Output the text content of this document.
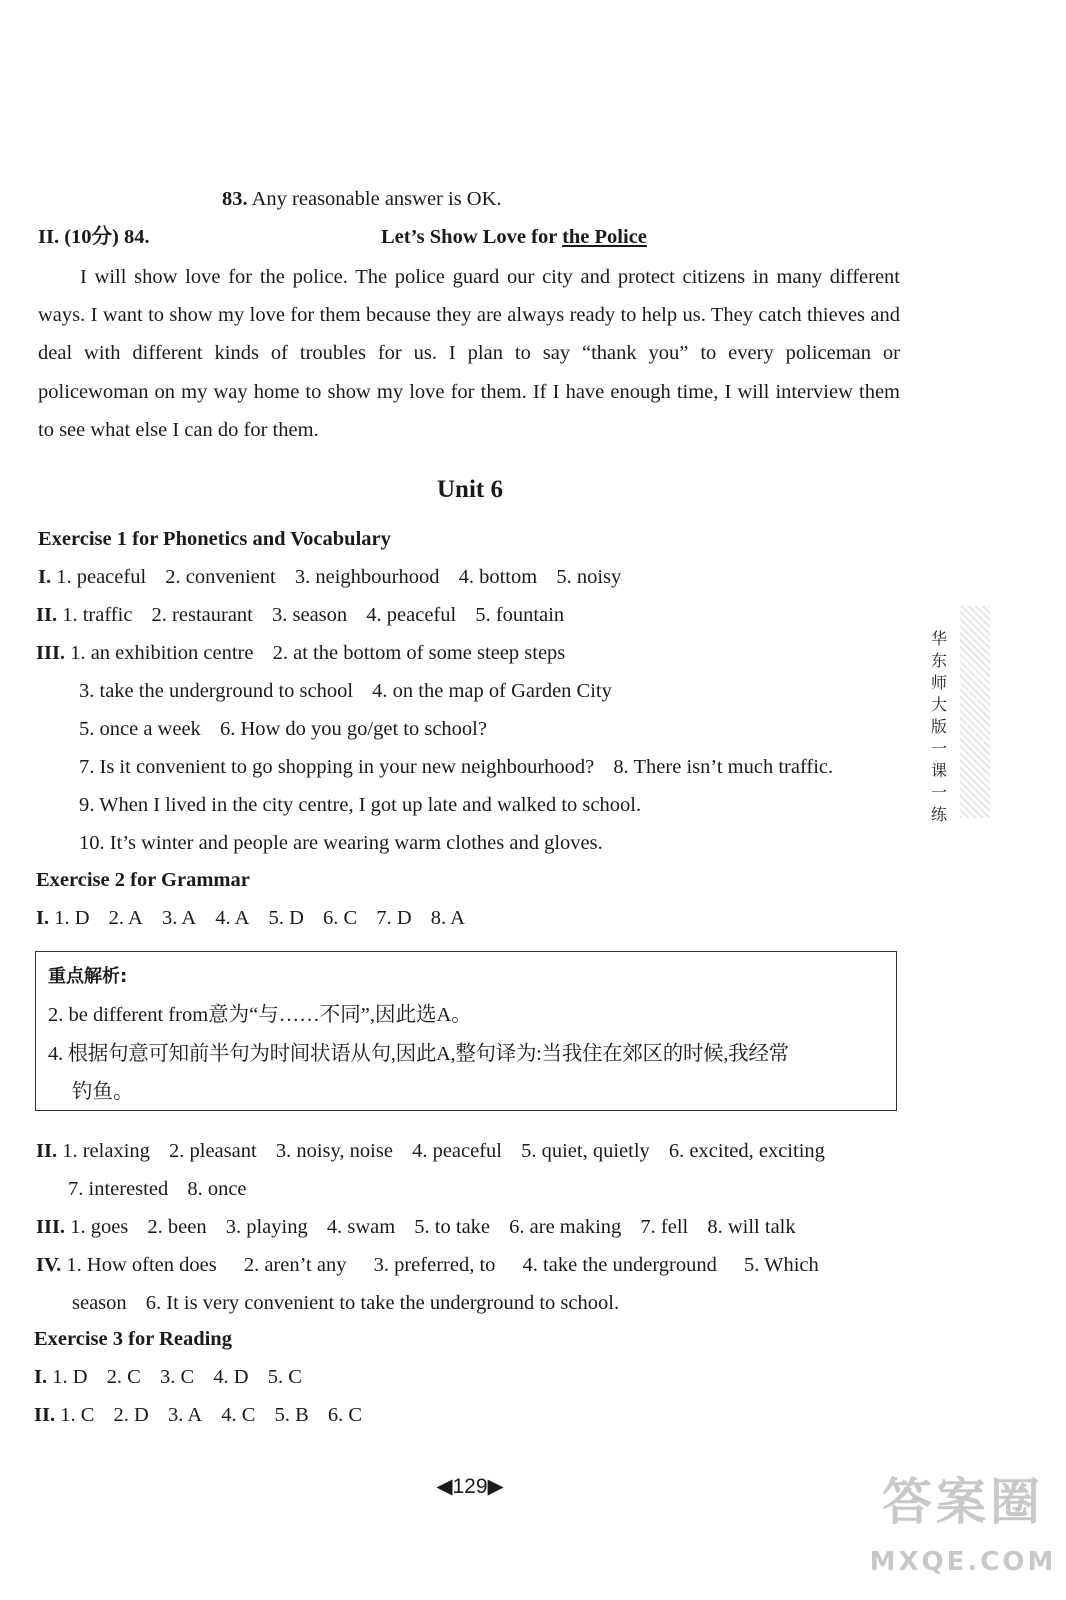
83. Any reasonable answer is OK.
II. (10分) 84.	Let’s Show Love for the Police
I will show love for the police. The police guard our city and protect citizens in many different ways. I want to show my love for them because they are always ready to help us. They catch thieves and deal with different kinds of troubles for us. I plan to say “thank you” to every policeman or policewoman on my way home to show my love for them. If I have enough time, I will interview them to see what else I can do for them.
Unit 6
Exercise 1 for Phonetics and Vocabulary
I. 1. peaceful 2. convenient 3. neighbourhood 4. bottom 5. noisy
II. 1. traffic 2. restaurant 3. season 4. peaceful 5. fountain
III. 1. an exhibition centre 2. at the bottom of some steep steps
3. take the underground to school 4. on the map of Garden City
5. once a week 6. How do you go/get to school?
7. Is it convenient to go shopping in your new neighbourhood? 8. There isn’t much traffic.
9. When I lived in the city centre, I got up late and walked to school.
10. It’s winter and people are wearing warm clothes and gloves.
Exercise 2 for Grammar
I. 1. D 2. A 3. A 4. A 5. D 6. C 7. D 8. A
重点解析:
2. be different from意为“与……不同”,因此选A。
4. 根据句意可知前半句为时间状语从句,因此A,整句译为:当我住在郊区的时候,我经常
钓鱼。
II. 1. relaxing 2. pleasant 3. noisy, noise 4. peaceful 5. quiet, quietly 6. excited, exciting
7. interested 8. once
III. 1. goes 2. been 3. playing 4. swam 5. to take 6. are making 7. fell 8. will talk
IV. 1. How often does 2. aren’t any 3. preferred, to 4. take the underground 5. Which
season 6. It is very convenient to take the underground to school.
Exercise 3 for Reading
I. 1. D 2. C 3. C 4. D 5. C
II. 1. C 2. D 3. A 4. C 5. B 6. C
华东师大版一课一练
◀129▶	答案圈
MXQE.COM
